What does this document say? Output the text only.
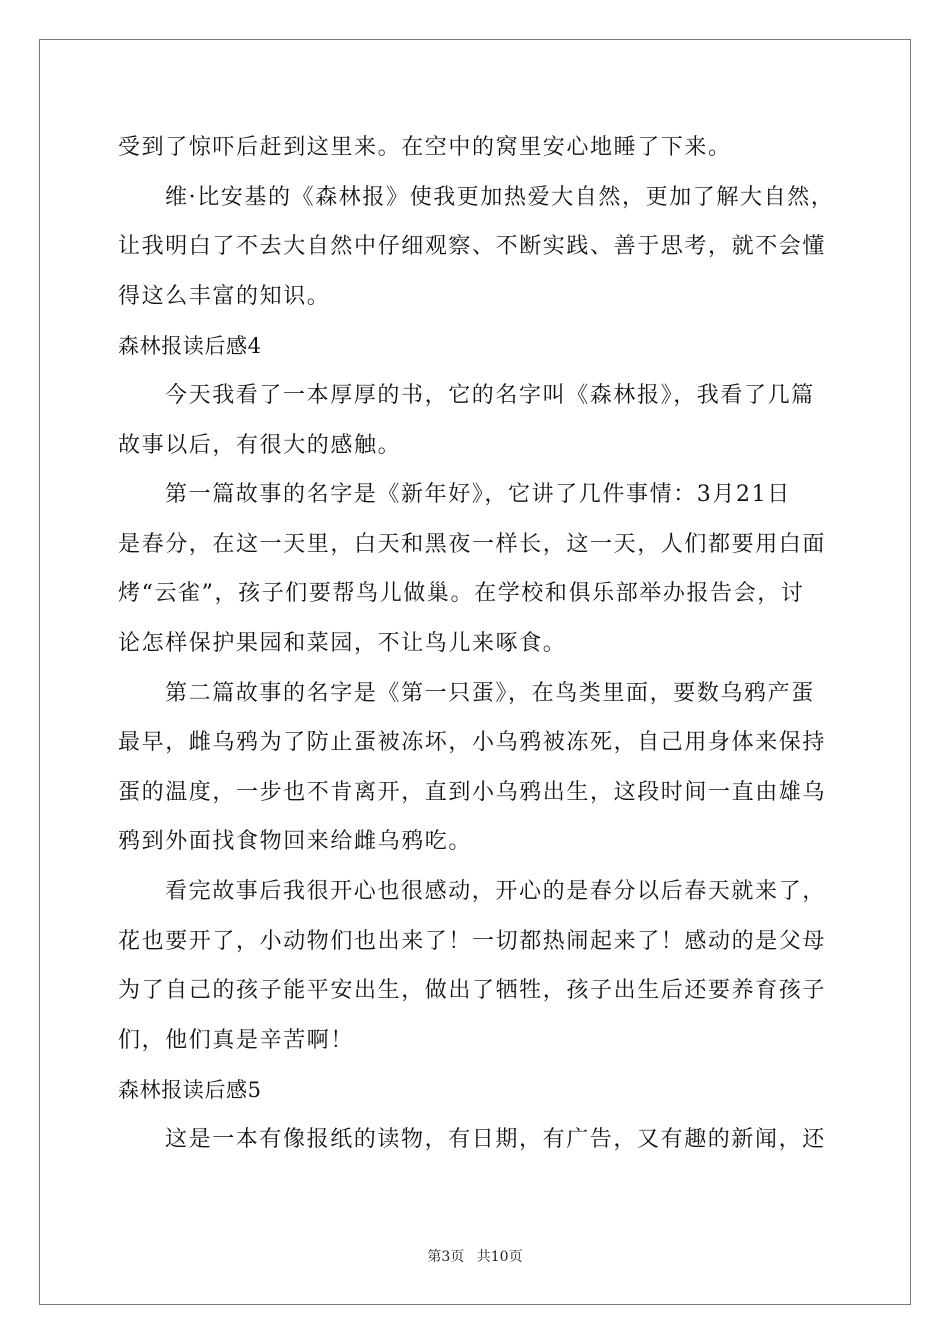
受到了惊吓后赶到这里来。在空中的窝里安心地睡了下来。
维·比安基的《森林报》使我更加热爱大自然，更加了解大自然，
让我明白了不去大自然中仔细观察、不断实践、善于思考，就不会懂
得这么丰富的知识。
森林报读后感4
今天我看了一本厚厚的书，它的名字叫《森林报》，我看了几篇
故事以后，有很大的感触。
第一篇故事的名字是《新年好》，它讲了几件事情：3月21日
是春分，在这一天里，白天和黑夜一样长，这一天，人们都要用白面
烤“云雀”，孩子们要帮鸟儿做巢。在学校和俱乐部举办报告会，讨
论怎样保护果园和菜园，不让鸟儿来啄食。
第二篇故事的名字是《第一只蛋》，在鸟类里面，要数乌鸦产蛋
最早，雌乌鸦为了防止蛋被冻坏，小乌鸦被冻死，自己用身体来保持
蛋的温度，一步也不肯离开，直到小乌鸦出生，这段时间一直由雄乌
鸦到外面找食物回来给雌乌鸦吃。
看完故事后我很开心也很感动，开心的是春分以后春天就来了，
花也要开了，小动物们也出来了！一切都热闹起来了！感动的是父母
为了自己的孩子能平安出生，做出了牺牲，孩子出生后还要养育孩子
们，他们真是辛苦啊！
森林报读后感5
这是一本有像报纸的读物，有日期，有广告，又有趣的新闻，还
第3页 共10页
